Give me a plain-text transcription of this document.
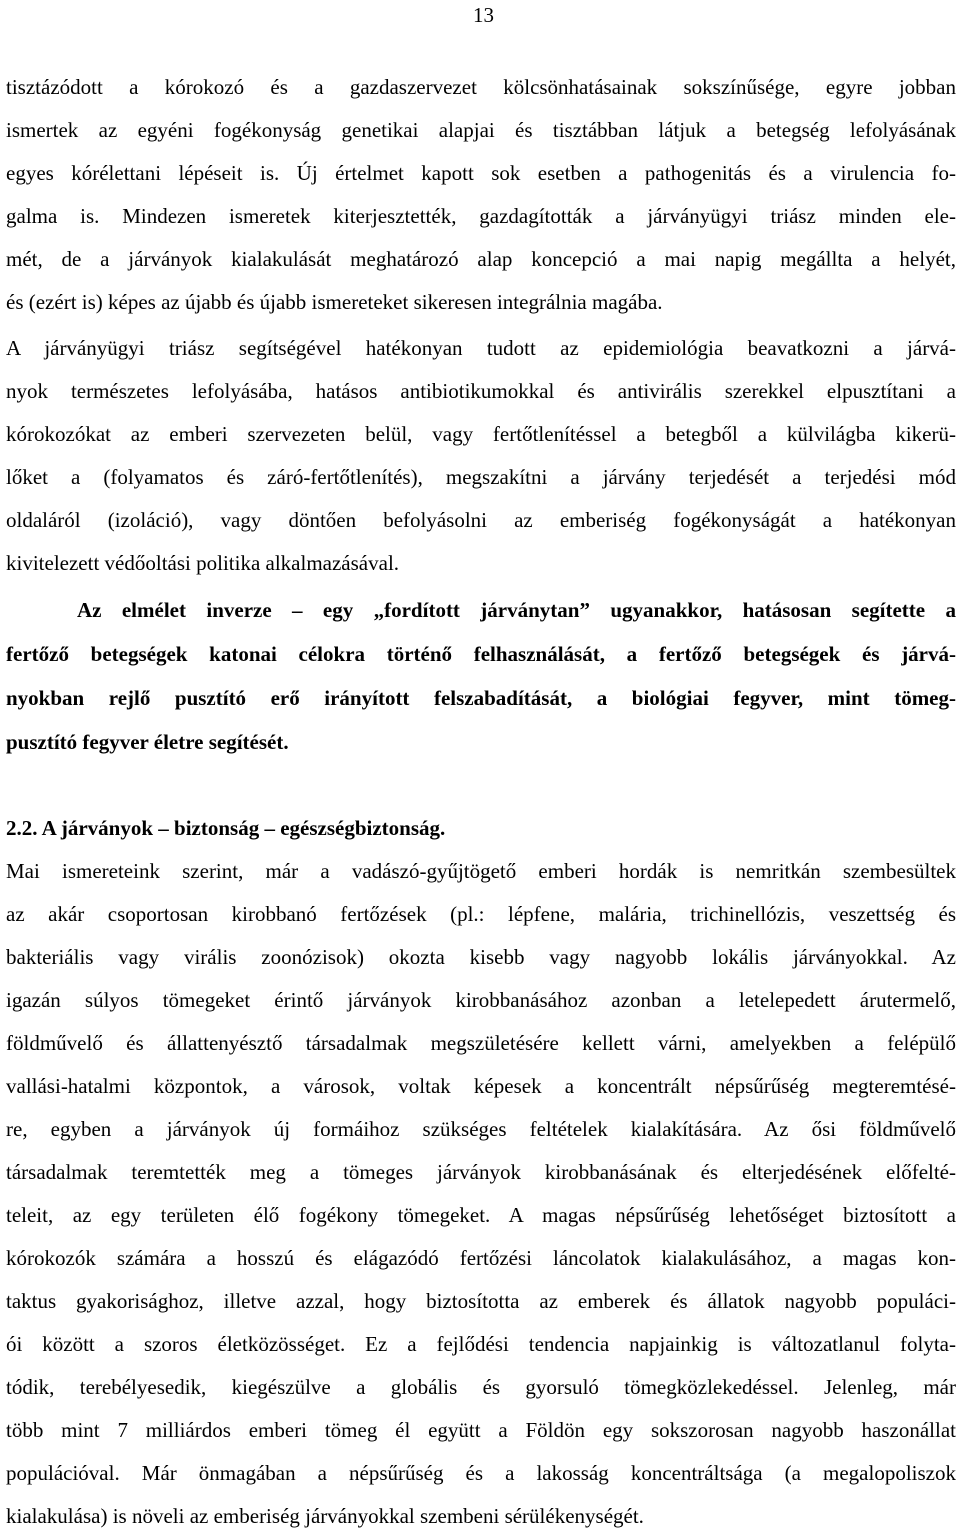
13
tisztázódott a kórokozó és a gazdaszervezet kölcsönhatásainak sokszínűsége, egyre jobban
ismertek az egyéni fogékonyság genetikai alapjai és tisztábban látjuk a betegség lefolyásának
egyes kórélettani lépéseit is. Új értelmet kapott sok esetben a pathogenitás és a virulencia fo-
galma is. Mindezen ismeretek kiterjesztették, gazdagították a járványügyi triász minden ele-
mét, de a járványok kialakulását meghatározó alap koncepció a mai napig megállta a helyét,
és (ezért is) képes az újabb és újabb ismereteket sikeresen integrálnia magába.
A járványügyi triász segítségével hatékonyan tudott az epidemiológia beavatkozni a járvá-
nyok természetes lefolyásába, hatásos antibiotikumokkal és antivirális szerekkel elpusztítani a
kórokozókat az emberi szervezeten belül, vagy fertőtlenítéssel a betegből a külvilágba kikerü-
lőket a (folyamatos és záró-fertőtlenítés), megszakítni a járvány terjedését a terjedési mód
oldaláról (izoláció), vagy döntően befolyásolni az emberiség fogékonyságát a hatékonyan
kivitelezett védőoltási politika alkalmazásával.
Az elmélet inverze – egy „fordított járványtan” ugyanakkor, hatásosan segítette a
fertőző betegségek katonai célokra történő felhasználását, a fertőző betegségek és járvá-
nyokban rejlő pusztító erő irányított felszabadítását, a biológiai fegyver, mint tömeg-
pusztító fegyver életre segítését.
2.2. A járványok – biztonság – egészségbiztonság.
Mai ismereteink szerint, már a vadászó-gyűjtögető emberi hordák is nemritkán szembesültek
az akár csoportosan kirobbanó fertőzések (pl.: lépfene, malária, trichinellózis, veszettség és
bakteriális vagy virális zoonózisok) okozta kisebb vagy nagyobb lokális járványokkal. Az
igazán súlyos tömegeket érintő járványok kirobbanásához azonban a letelepedett árutermelő,
földművelő és állattenyésztő társadalmak megszületésére kellett várni, amelyekben a felépülő
vallási-hatalmi központok, a városok, voltak képesek a koncentrált népsűrűség megteremtésé-
re, egyben a járványok új formáihoz szükséges feltételek kialakítására. Az ősi földművelő
társadalmak teremtették meg a tömeges járványok kirobbanásának és elterjedésének előfelté-
teleit, az egy területen élő fogékony tömegeket. A magas népsűrűség lehetőséget biztosított a
kórokozók számára a hosszú és elágazódó fertőzési láncolatok kialakulásához, a magas kon-
taktus gyakorisághoz, illetve azzal, hogy biztosította az emberek és állatok nagyobb populáci-
ói között a szoros életközösséget. Ez a fejlődési tendencia napjainkig is változatlanul folyta-
tódik, terebélyesedik, kiegészülve a globális és gyorsuló tömegközlekedéssel. Jelenleg, már
több mint 7 milliárdos emberi tömeg él együtt a Földön egy sokszorosan nagyobb haszonállat
populációval. Már önmagában a népsűrűség és a lakosság koncentráltsága (a megalopoliszok
kialakulása) is növeli az emberiség járványokkal szembeni sérülékenységét.
